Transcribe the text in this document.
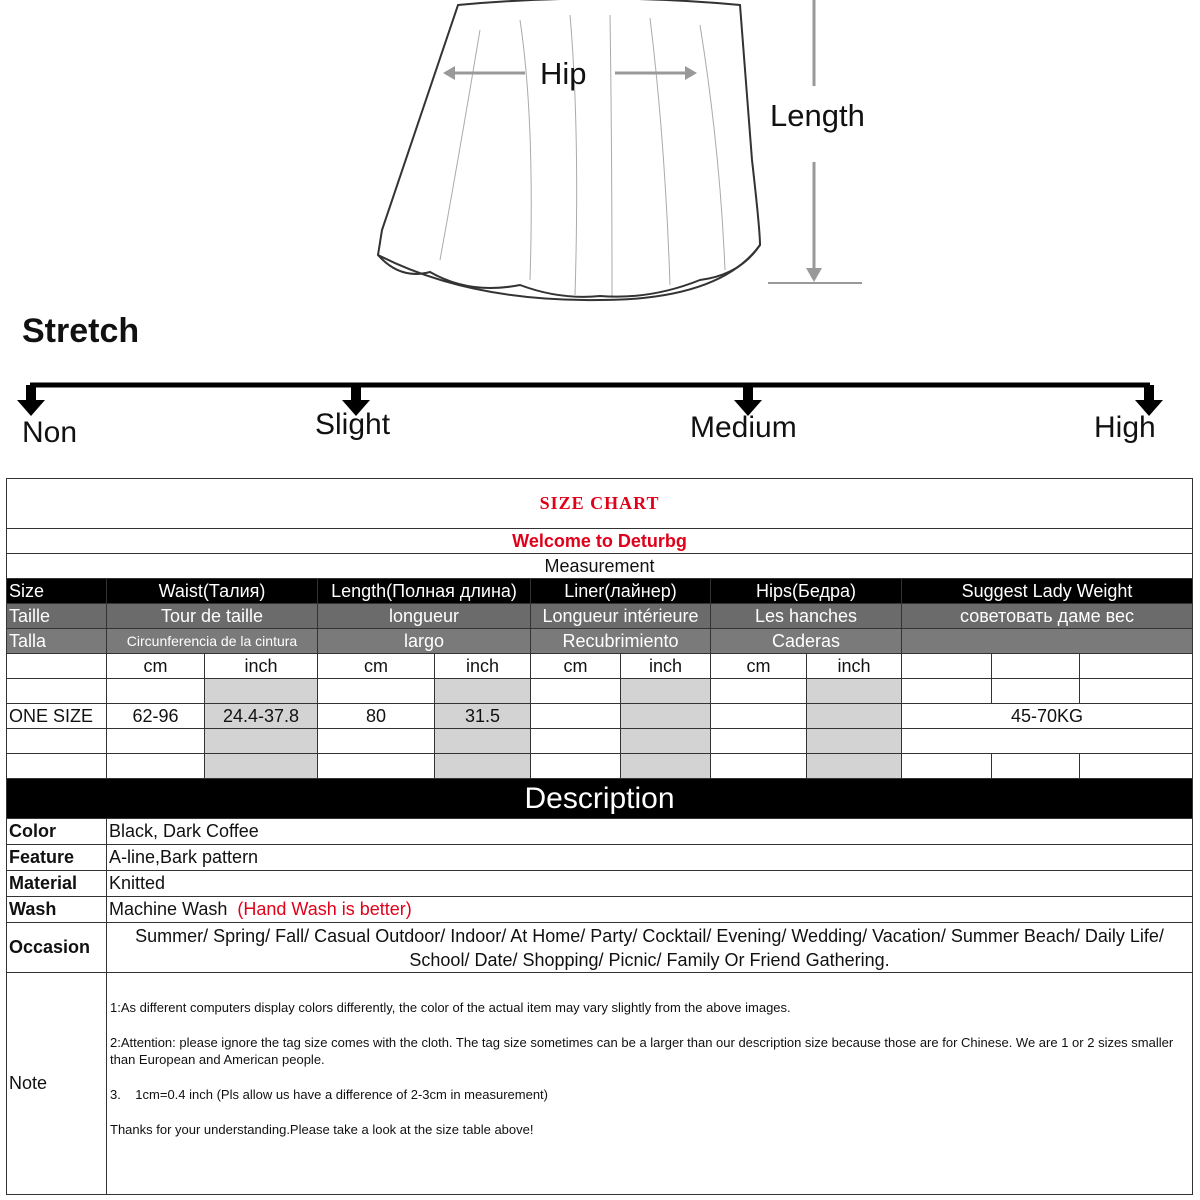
Hip
Length
Stretch
Non	Slight	Medium	High
SIZE CHART											
Welcome to Deturbg											
Measurement											
Size	Waist(Талия)		Length(Полная длина)		Liner(лайнер)		Hips(Бедра)		Suggest Lady Weight		
Taille	Tour de taille		longueur		Longueur intérieure		Les hanches		советовать даме вес		
Talla	Circunferencia de la cintura		largo		Recubrimiento		Caderas				
	cm	inch	cm	inch	cm	inch	cm	inch			

ONE SIZE	62-96	24.4-37.8	80	31.5					45-70KG		

Description											
Color	Black, Dark Coffee										
Feature	A-line,Bark pattern										
Material	Knitted										
Wash	Machine Wash (Hand Wash is better)										
Occasion	Summer/ Spring/ Fall/ Casual Outdoor/ Indoor/ At Home/ Party/ Cocktail/ Evening/ Wedding/ Vacation/ Summer Beach/ Daily Life/ School/ Date/ Shopping/ Picnic/ Family Or Friend Gathering.										
Note	1:As different computers display colors differently, the color of the actual item may vary slightly from the above images.

2:Attention: please ignore the tag size comes with the cloth. The tag size sometimes can be a larger than our description size because those are for Chinese. We are 1 or 2 sizes smaller than European and American people.

3.    1cm=0.4 inch (Pls allow us have a difference of 2-3cm in measurement)

Thanks for your understanding.Please take a look at the size table above!										
